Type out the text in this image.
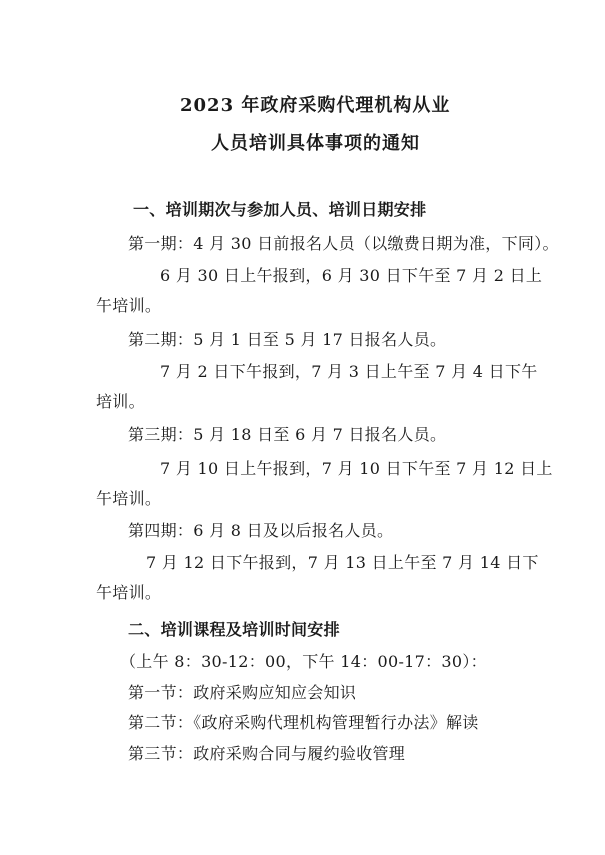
2023 年政府采购代理机构从业
人员培训具体事项的通知
一、培训期次与参加人员、培训日期安排
第一期：4 月 30 日前报名人员（以缴费日期为准，下同）。
6 月 30 日上午报到，6 月 30 日下午至 7 月 2 日上
午培训。
第二期：5 月 1 日至 5 月 17 日报名人员。
7 月 2 日下午报到，7 月 3 日上午至 7 月 4 日下午
培训。
第三期：5 月 18 日至 6 月 7 日报名人员。
7 月 10 日上午报到，7 月 10 日下午至 7 月 12 日上
午培训。
第四期：6 月 8 日及以后报名人员。
7 月 12 日下午报到，7 月 13 日上午至 7 月 14 日下
午培训。
二、培训课程及培训时间安排
（上午 8：30-12：00，下午 14：00-17：30）：
第一节：政府采购应知应会知识
第二节：《政府采购代理机构管理暂行办法》解读
第三节：政府采购合同与履约验收管理
